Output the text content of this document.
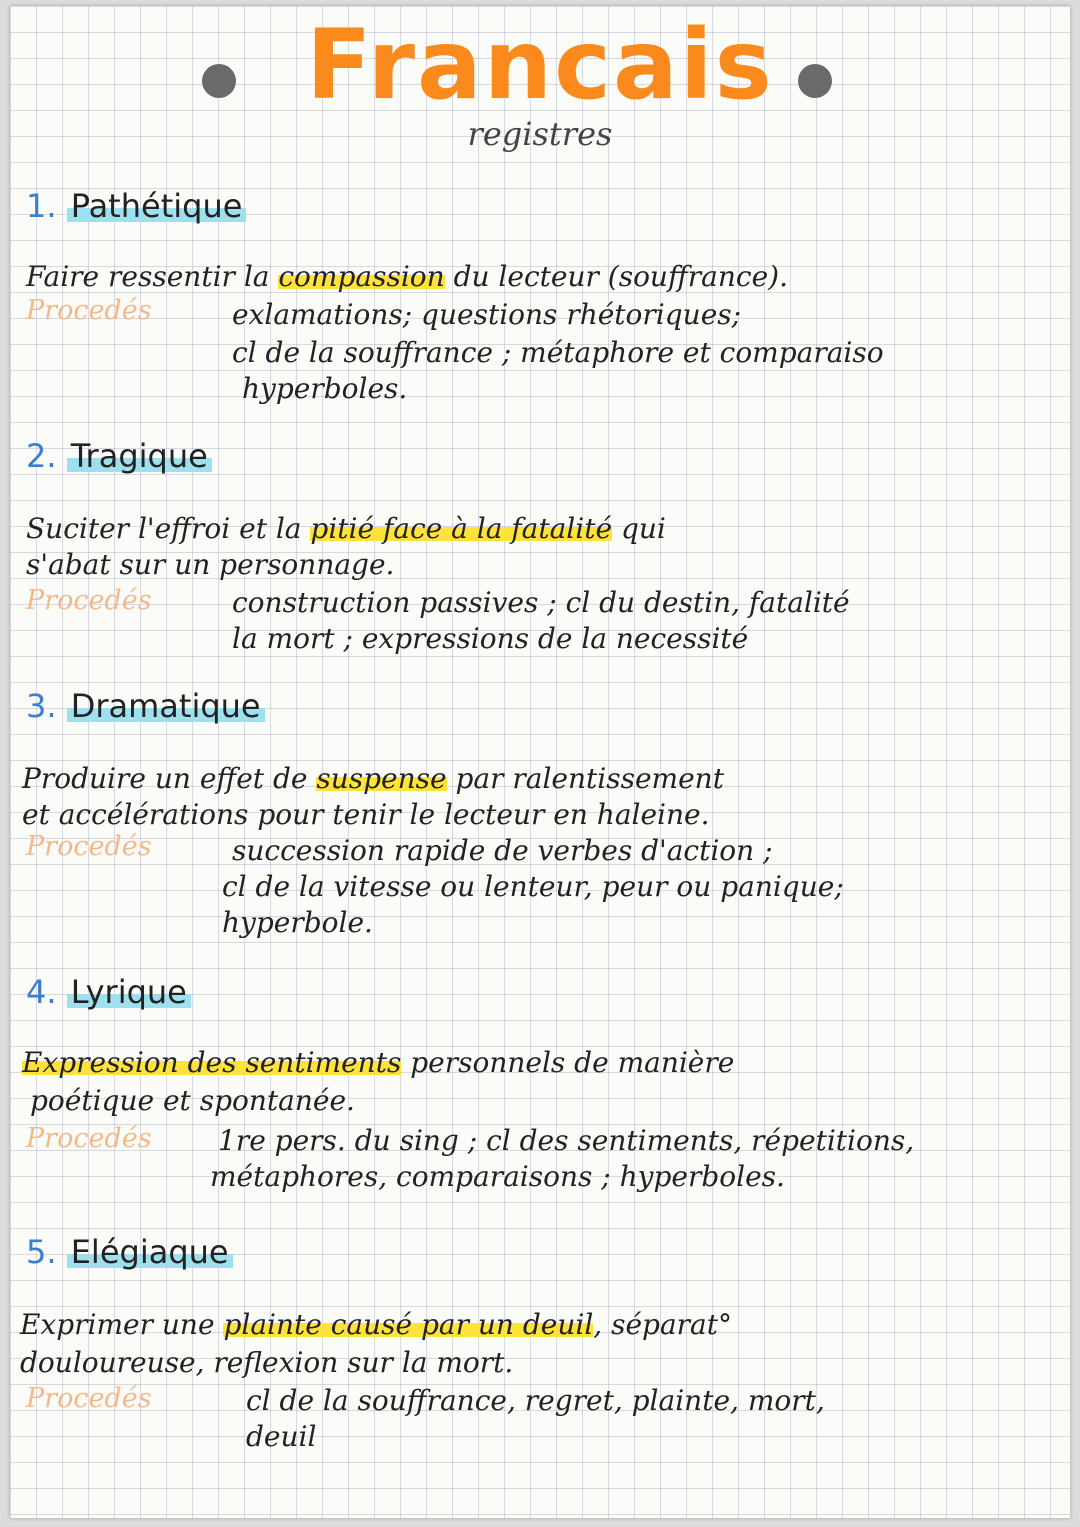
Francais
registres
1. Pathétique
Faire ressentir la compassion du lecteur (souffrance).
Procedés	exlamations; questions rhétoriques;
cl de la souffrance ; métaphore et comparaiso
hyperboles.
2. Tragique
Suciter l'effroi et la pitié face à la fatalité qui
s'abat sur un personnage.
Procedés	construction passives ; cl du destin, fatalité
la mort ; expressions de la necessité
3. Dramatique
Produire un effet de suspense par ralentissement
et accélérations pour tenir le lecteur en haleine.
Procedés	succession rapide de verbes d'action ;
cl de la vitesse ou lenteur, peur ou panique;
hyperbole.
4. Lyrique
Expression des sentiments personnels de manière
poétique et spontanée.
Procedés 1re pers. du sing ; cl des sentiments, répetitions,
métaphores, comparaisons ; hyperboles.
5. Elégiaque
Exprimer une plainte causé par un deuil, séparat°
douloureuse, reflexion sur la mort.
Procedés	cl de la souffrance, regret, plainte, mort,
deuil
